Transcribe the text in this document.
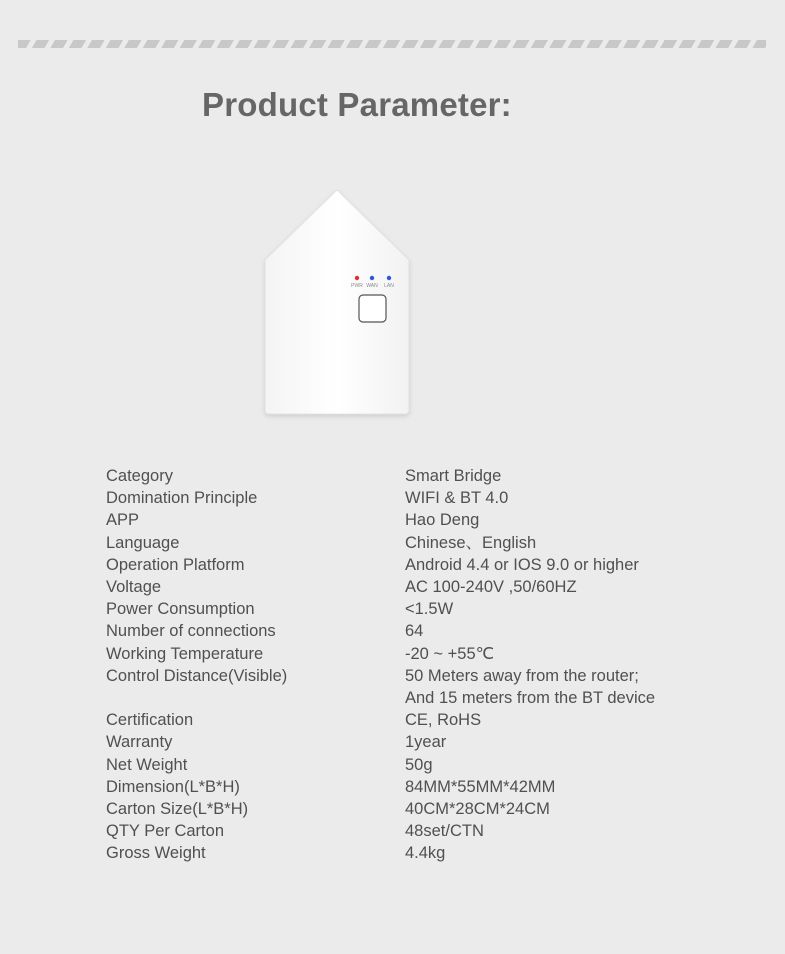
Product Parameter:
PWR WAN LAN
Category	Smart Bridge
Domination Principle	WIFI & BT 4.0
APP	Hao Deng
Language	Chinese、English
Operation Platform	Android 4.4 or IOS 9.0 or higher
Voltage	AC 100-240V ,50/60HZ
Power Consumption	<1.5W
Number of connections	64
Working Temperature	-20 ~ +55℃
Control Distance(Visible)	50 Meters away from the router;
And 15 meters from the BT device
Certification	CE, RoHS
Warranty	1year
Net Weight	50g
Dimension(L*B*H)	84MM*55MM*42MM
Carton Size(L*B*H)	40CM*28CM*24CM
QTY Per Carton	48set/CTN
Gross Weight	4.4kg
